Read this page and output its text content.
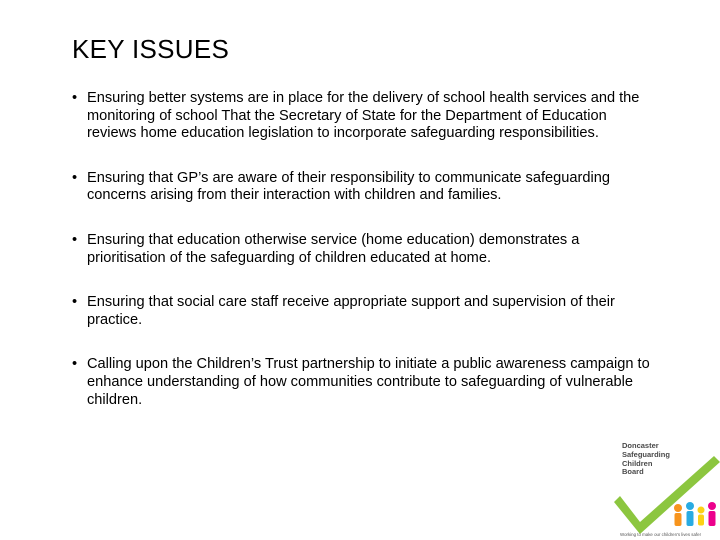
KEY ISSUES
• Ensuring better systems are in place for the delivery of school health services and the monitoring of school That the Secretary of State for the Department of Education reviews home education legislation to incorporate safeguarding responsibilities.
• Ensuring that GP’s are aware of their responsibility to communicate safeguarding concerns arising from their interaction with children and families.
• Ensuring that education otherwise service (home education) demonstrates a prioritisation of the safeguarding of children educated at home.
• Ensuring that social care staff receive appropriate support and supervision of their practice.
• Calling upon the Children’s Trust partnership to initiate a public awareness campaign to enhance understanding of how communities contribute to safeguarding of vulnerable children.
Doncaster
Safeguarding
Children
Board
Working to make our children's lives safer
